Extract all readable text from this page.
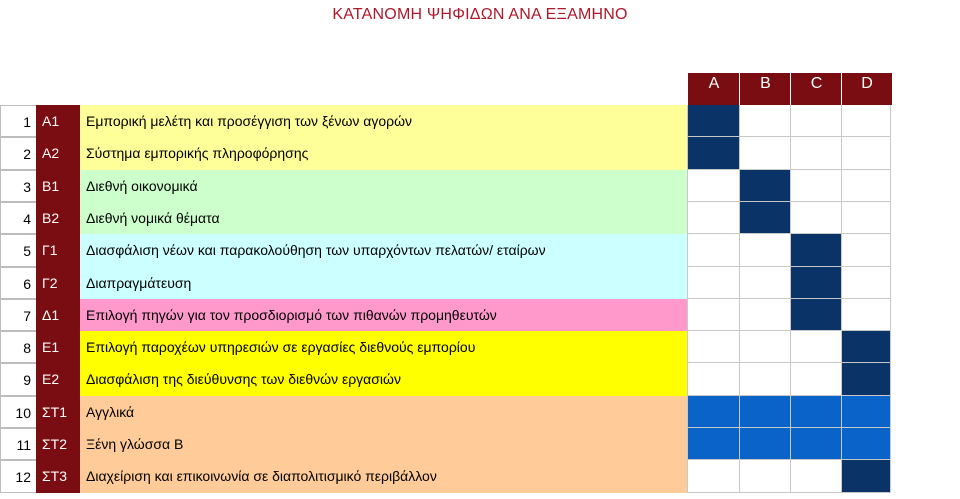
ΚΑΤΑΝΟΜΗ ΨΗΦΙΔΩΝ ΑΝΑ ΕΞΑΜΗΝΟ
A	B	C	D
1 A1	Εμπορική μελέτη και προσέγγιση των ξένων αγορών
2 A2	Σύστημα εμπορικής πληροφόρησης
3 B1	Διεθνή οικονομικά
4 B2	Διεθνή νομικά θέματα
5 Γ1	Διασφάλιση νέων και παρακολούθηση των υπαρχόντων πελατών/ εταίρων
6 Γ2	Διαπραγμάτευση
7 Δ1	Επιλογή πηγών για τον προσδιορισμό των πιθανών προμηθευτών
8 E1	Επιλογή παροχέων υπηρεσιών σε εργασίες διεθνούς εμπορίου
9 E2	Διασφάλιση της διεύθυνσης των διεθνών εργασιών
10 ΣΤ1	Αγγλικά
11 ΣΤ2	Ξένη γλώσσα Β
12 ΣΤ3	Διαχείριση και επικοινωνία σε διαπολιτισμικό περιβάλλον
